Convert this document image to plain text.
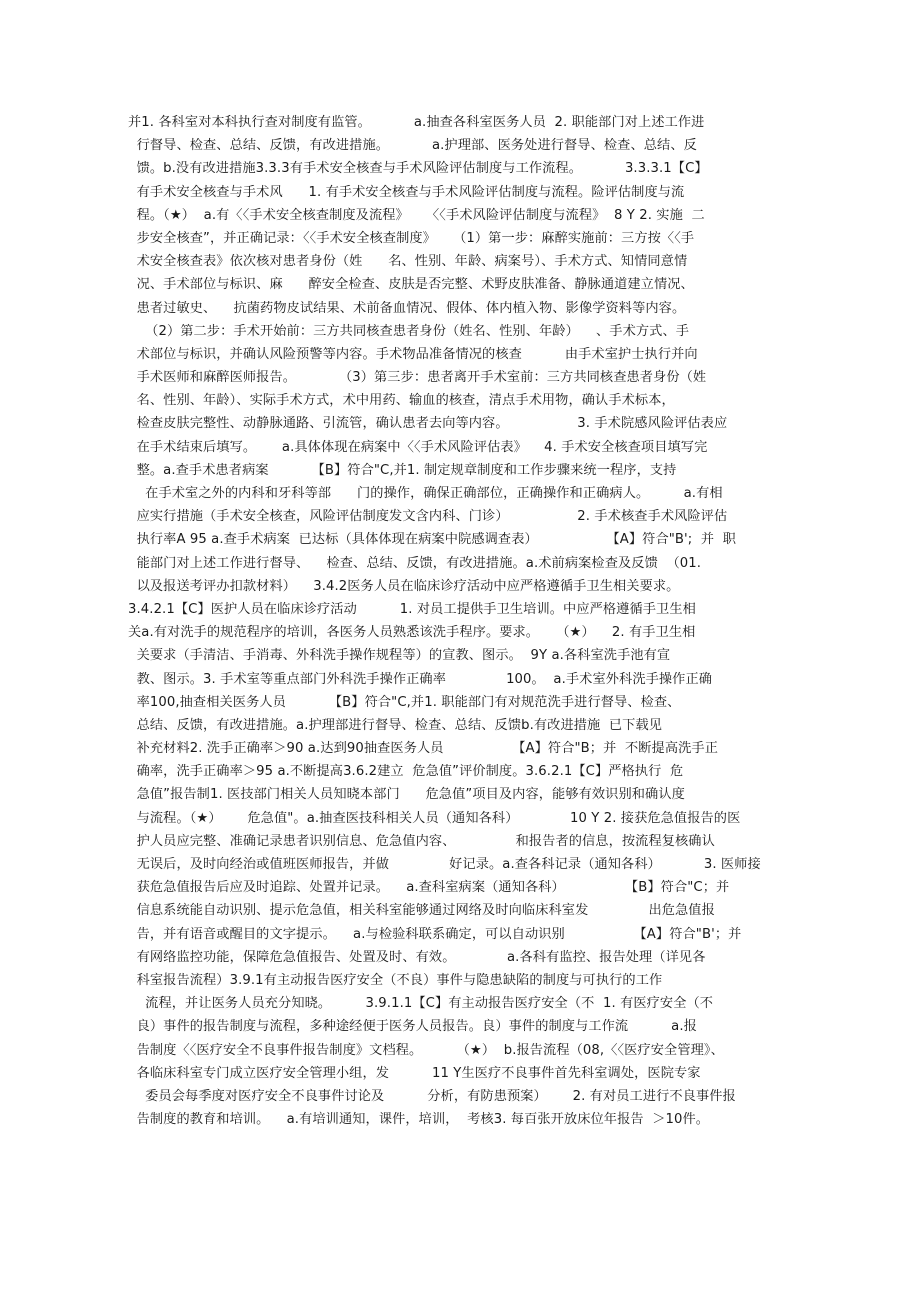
并1. 各科室对本科执行查对制度有监管。          a.抽查各科室医务人员  2. 职能部门对上述工作进
行督导、检查、总结、反馈，有改进措施。          a.护理部、医务处进行督导、检查、总结、反
馈。b.没有改进措施3.3.3有手术安全核查与手术风险评估制度与工作流程。          3.3.3.1【C】
有手术安全核查与手术风      1. 有手术安全核查与手术风险评估制度与流程。险评估制度与流
程。（★）  a.有〈〈手术安全核查制度及流程》    〈〈手术风险评估制度与流程》  8 Y 2. 实施  二
步安全核查”，并正确记录：〈〈手术安全核查制度》    （1）第一步：麻醉实施前：三方按〈〈手
术安全核查表》依次核对患者身份（姓      名、性别、年龄、病案号）、手术方式、知情同意情
况、手术部位与标识、麻      醉安全检查、皮肤是否完整、术野皮肤准备、静脉通道建立情况、
患者过敏史、    抗菌药物皮试结果、术前备血情况、假体、体内植入物、影像学资料等内容。
（2）第二步：手术开始前：三方共同核查患者身份（姓名、性别、年龄）    、手术方式、手
术部位与标识，并确认风险预警等内容。手术物品准备情况的核查          由手术室护士执行并向
手术医师和麻醉医师报告。          （3）第三步：患者离开手术室前：三方共同核查患者身份（姓
名、性别、年龄）、实际手术方式，术中用药、输血的核查，清点手术用物，确认手术标本，
检查皮肤完整性、动静脉通路、引流管，确认患者去向等内容。                3. 手术院感风险评估表应
在手术结束后填写。      a.具体体现在病案中〈〈手术风险评估表》    4. 手术安全核查项目填写完
整。a.查手术患者病案          【B】符合"C,并1. 制定规章制度和工作步骤来统一程序，支持
在手术室之外的内科和牙科等部      门的操作，确保正确部位，正确操作和正确病人。        a.有相
应实行措施（手术安全核查，风险评估制度发文含内科、门诊）                2. 手术核查手术风险评估
执行率A 95 a.查手术病案  已达标（具体体现在病案中院感调查表）                【A】符合"B';  并  职
能部门对上述工作进行督导、    检查、总结、反馈，有改进措施。a.术前病案检查及反馈  （01.
以及报送考评办扣款材料）    3.4.2医务人员在临床诊疗活动中应严格遵循手卫生相关要求。
3.4.2.1【C】医护人员在临床诊疗活动          1. 对员工提供手卫生培训。中应严格遵循手卫生相
关a.有对洗手的规范程序的培训，各医务人员熟悉该洗手程序。要求。    （★）    2. 有手卫生相
关要求（手清洁、手消毒、外科洗手操作规程等）的宣教、图示。  9Y a.各科室洗手池有宣
教、图示。3. 手术室等重点部门外科洗手操作正确率              100。  a.手术室外科洗手操作正确
率100,抽查相关医务人员          【B】符合"C,并1. 职能部门有对规范洗手进行督导、检查、
总结、反馈，有改进措施。a.护理部进行督导、检查、总结、反馈b.有改进措施  已下载见
补充材料2. 洗手正确率＞90 a.达到90抽查医务人员                【A】符合"B；并  不断提高洗手正
确率，洗手正确率＞95 a.不断提高3.6.2建立  危急值”评价制度。3.6.2.1【C】严格执行  危
急值”报告制1. 医技部门相关人员知晓本部门      危急值”项目及内容，能够有效识别和确认度
与流程。（★）      危急值"。a.抽查医技科相关人员（通知各科）            10 Y 2. 接获危急值报告的医
护人员应完整、准确记录患者识别信息、危急值内容、              和报告者的信息，按流程复核确认
无误后，及时向经治或值班医师报告，并做              好记录。a.查各科记录（通知各科）          3. 医师接
获危急值报告后应及时追踪、处置并记录。    a.查科室病案（通知各科）              【B】符合"C；并
信息系统能自动识别、提示危急值，相关科室能够通过网络及时向临床科室发              出危急值报
告，并有语音或醒目的文字提示。    a.与检验科联系确定，可以自动识别                【A】符合"B'；并
有网络监控功能，保障危急值报告、处置及时、有效。            a.各科有监控、报告处理（详见各
科室报告流程）3.9.1有主动报告医疗安全（不良）事件与隐患缺陷的制度与可执行的工作
流程，并让医务人员充分知晓。        3.9.1.1【C】有主动报告医疗安全（不  1. 有医疗安全（不
良）事件的报告制度与流程，多种途经便于医务人员报告。良）事件的制度与工作流          a.报
告制度〈〈医疗安全不良事件报告制度》文档程。        （★）  b.报告流程（08,〈〈医疗安全管理》、
各临床科室专门成立医疗安全管理小组，发          11 Y生医疗不良事件首先科室调处，医院专家
委员会每季度对医疗安全不良事件讨论及          分析，有防患预案）      2. 有对员工进行不良事件报
告制度的教育和培训。    a.有培训通知，课件，培训，  考核3. 每百张开放床位年报告  ＞10件。
